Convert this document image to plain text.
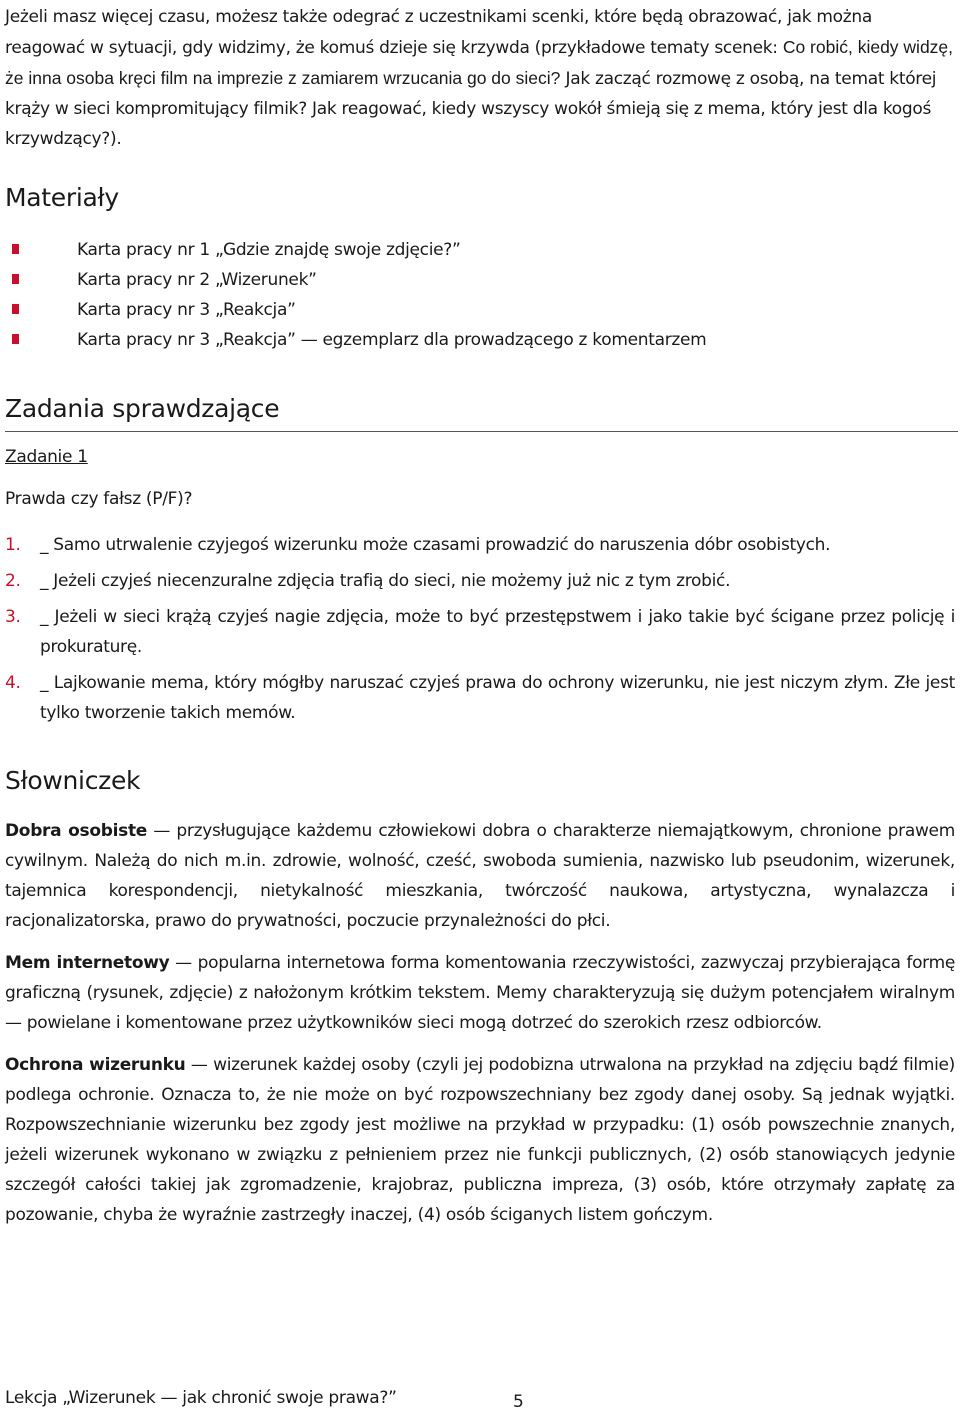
Jeżeli masz więcej czasu, możesz także odegrać z uczestnikami scenki, które będą obrazować, jak można reagować w sytuacji, gdy widzimy, że komuś dzieje się krzywda (przykładowe tematy scenek: Co robić, kiedy widzę, że inna osoba kręci film na imprezie z zamiarem wrzucania go do sieci? Jak zacząć rozmowę z osobą, na temat której krąży w sieci kompromitujący filmik? Jak reagować, kiedy wszyscy wokół śmieją się z mema, który jest dla kogoś krzywdzący?).

Materiały
Karta pracy nr 1 „Gdzie znajdę swoje zdjęcie?”
Karta pracy nr 2 „Wizerunek”
Karta pracy nr 3 „Reakcja”
Karta pracy nr 3 „Reakcja” — egzemplarz dla prowadzącego z komentarzem
Zadania sprawdzające

Zadanie 1

Prawda czy fałsz (P/F)?

1. _ Samo utrwalenie czyjegoś wizerunku może czasami prowadzić do naruszenia dóbr osobistych.
2. _ Jeżeli czyjeś niecenzuralne zdjęcia trafią do sieci, nie możemy już nic z tym zrobić.
3. _ Jeżeli w sieci krążą czyjeś nagie zdjęcia, może to być przestępstwem i jako takie być ścigane przez policję i prokuraturę.
4. _ Lajkowanie mema, który mógłby naruszać czyjeś prawa do ochrony wizerunku, nie jest niczym złym. Złe jest tylko tworzenie takich memów.
Słowniczek

Dobra osobiste — przysługujące każdemu człowiekowi dobra o charakterze niemajątkowym, chronione prawem cywilnym. Należą do nich m.in. zdrowie, wolność, cześć, swoboda sumienia, nazwisko lub pseudonim, wizerunek, tajemnica korespondencji, nietykalność mieszkania, twórczość naukowa, artystyczna, wynalazcza i racjonalizatorska, prawo do prywatności, poczucie przynależności do płci.

Mem internetowy — popularna internetowa forma komentowania rzeczywistości, zazwyczaj przybierająca formę graficzną (rysunek, zdjęcie) z nałożonym krótkim tekstem. Memy charakteryzują się dużym potencjałem wiralnym — powielane i komentowane przez użytkowników sieci mogą dotrzeć do szerokich rzesz odbiorców.

Ochrona wizerunku — wizerunek każdej osoby (czyli jej podobizna utrwalona na przykład na zdjęciu bądź filmie) podlega ochronie. Oznacza to, że nie może on być rozpowszechniany bez zgody danej osoby. Są jednak wyjątki. Rozpowszechnianie wizerunku bez zgody jest możliwe na przykład w przypadku: (1) osób powszechnie znanych, jeżeli wizerunek wykonano w związku z pełnieniem przez nie funkcji publicznych, (2) osób stanowiących jedynie szczegół całości takiej jak zgromadzenie, krajobraz, publiczna impreza, (3) osób, które otrzymały zapłatę za pozowanie, chyba że wyraźnie zastrzegły inaczej, (4) osób ściganych listem gończym.

Lekcja „Wizerunek — jak chronić swoje prawa?”	5
